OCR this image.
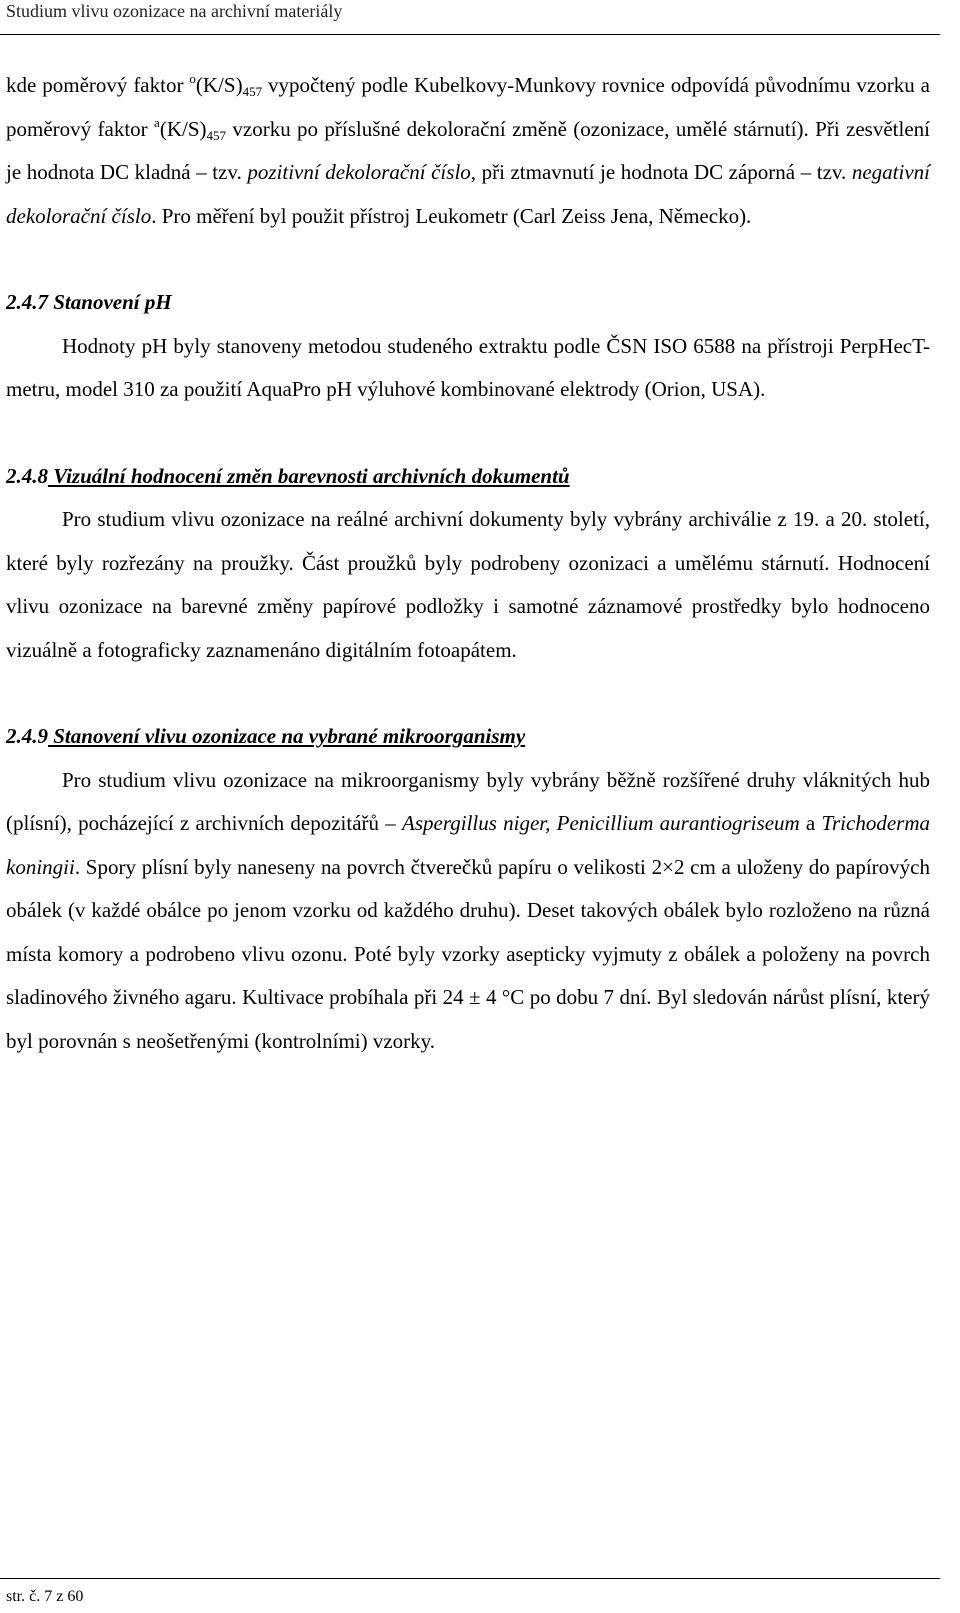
Studium vlivu ozonizace na archivní materiály

kde poměrový faktor $^o(K/S)_{457}$ vypočtený podle Kubelkovy-Munkovy rovnice odpovídá původnímu vzorku a poměrový faktor $^a(K/S)_{457}$ vzorku po příslušné dekolorační změně (ozonizace, umělé stárnutí). Při zesvětlení je hodnota DC kladná – tzv. pozitivní dekolorační číslo, při ztmavnutí je hodnota DC záporná – tzv. negativní dekolorační číslo. Pro měření byl použit přístroj Leukometr (Carl Zeiss Jena, Německo).

2.4.7 Stanovení pH

Hodnoty pH byly stanoveny metodou studeného extraktu podle ČSN ISO 6588 na přístroji PerpHecT-metru, model 310 za použití AquaPro pH výluhové kombinované elektrody (Orion, USA).

2.4.8 Vizuální hodnocení změn barevnosti archivních dokumentů

Pro studium vlivu ozonizace na reálné archivní dokumenty byly vybrány archiválie z 19. a 20. století, které byly rozřezány na proužky. Část proužků byly podrobeny ozonizaci a umělému stárnutí. Hodnocení vlivu ozonizace na barevné změny papírové podložky i samotné záznamové prostředky bylo hodnoceno vizuálně a fotograficky zaznamenáno digitálním fotoapátem.

2.4.9 Stanovení vlivu ozonizace na vybrané mikroorganismy

Pro studium vlivu ozonizace na mikroorganismy byly vybrány běžně rozšířené druhy vláknitých hub (plísní), pocházející z archivních depozitářů – Aspergillus niger, Penicillium aurantiogriseum a Trichoderma koningii. Spory plísní byly naneseny na povrch čtverečků papíru o velikosti 2×2 cm a uloženy do papírových obálek (v každé obálce po jenom vzorku od každého druhu). Deset takových obálek bylo rozloženo na různá místa komory a podrobeno vlivu ozonu. Poté byly vzorky asepticky vyjmuty z obálek a položeny na povrch sladinového živného agaru. Kultivace probíhala při 24 ± 4 °C po dobu 7 dní. Byl sledován nárůst plísní, který byl porovnán s neošetřenými (kontrolními) vzorky.

str. č. 7 z 60
